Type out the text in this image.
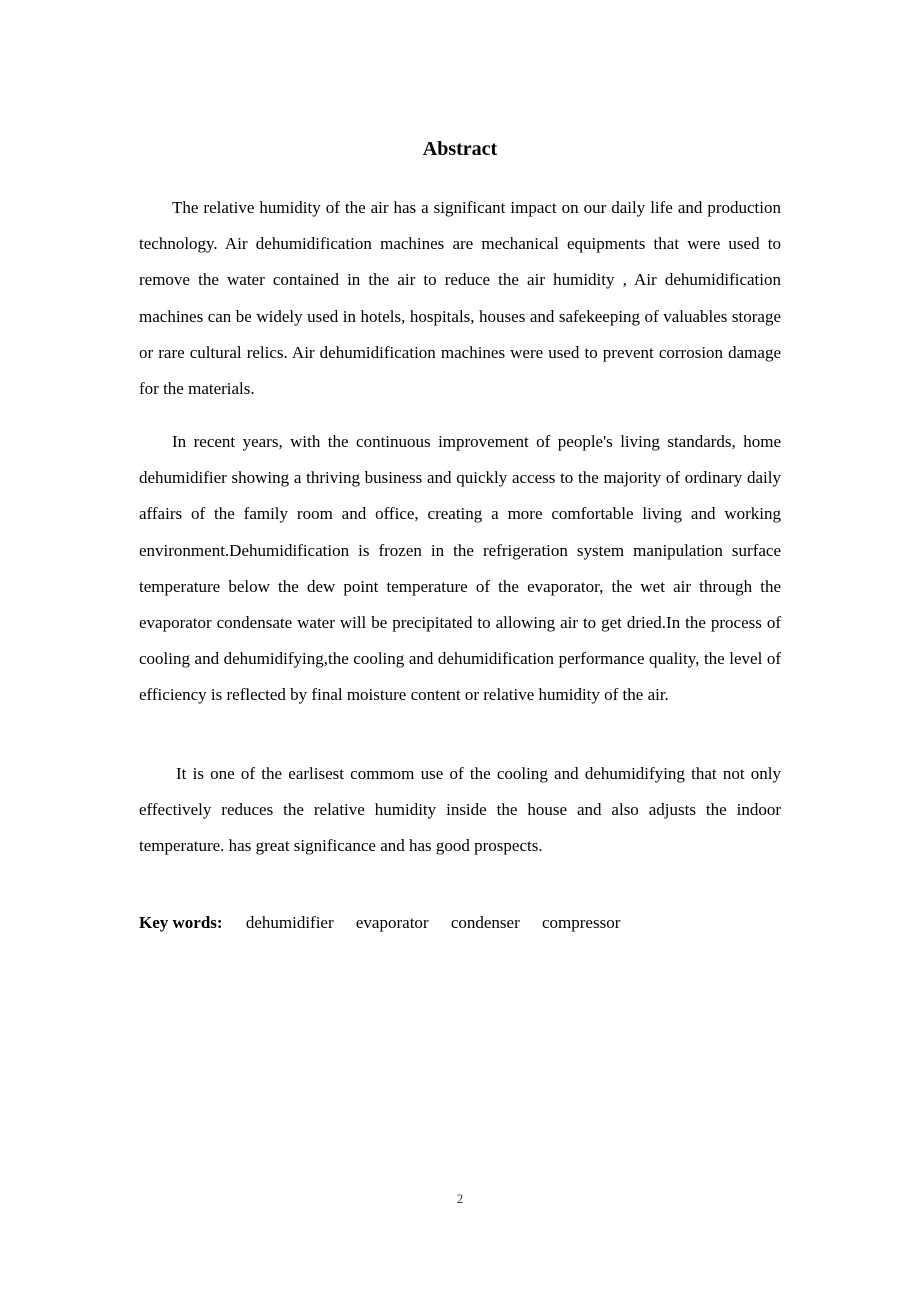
Abstract

The relative humidity of the air has a significant impact on our daily life and production technology. Air dehumidification machines are mechanical equipments that were used to remove the water contained in the air to reduce the air humidity , Air dehumidification machines can be widely used in hotels, hospitals, houses and safekeeping of valuables storage or rare cultural relics. Air dehumidification machines were used to prevent corrosion damage for the materials.

In recent years, with the continuous improvement of people's living standards, home dehumidifier showing a thriving business and quickly access to the majority of ordinary daily affairs of the family room and office, creating a more comfortable living and working environment.Dehumidification is frozen in the refrigeration system manipulation surface temperature below the dew point temperature of the evaporator, the wet air through the evaporator condensate water will be precipitated to allowing air to get dried.In the process of cooling and dehumidifying,the cooling and dehumidification performance quality, the level of efficiency is reflected by final moisture content or relative humidity of the air.

It is one of the earlisest commom use of the cooling and dehumidifying that not only effectively reduces the relative humidity inside the house and also adjusts the indoor temperature. has great significance and has good prospects.

Key words: dehumidifier evaporator condenser compressor
2
